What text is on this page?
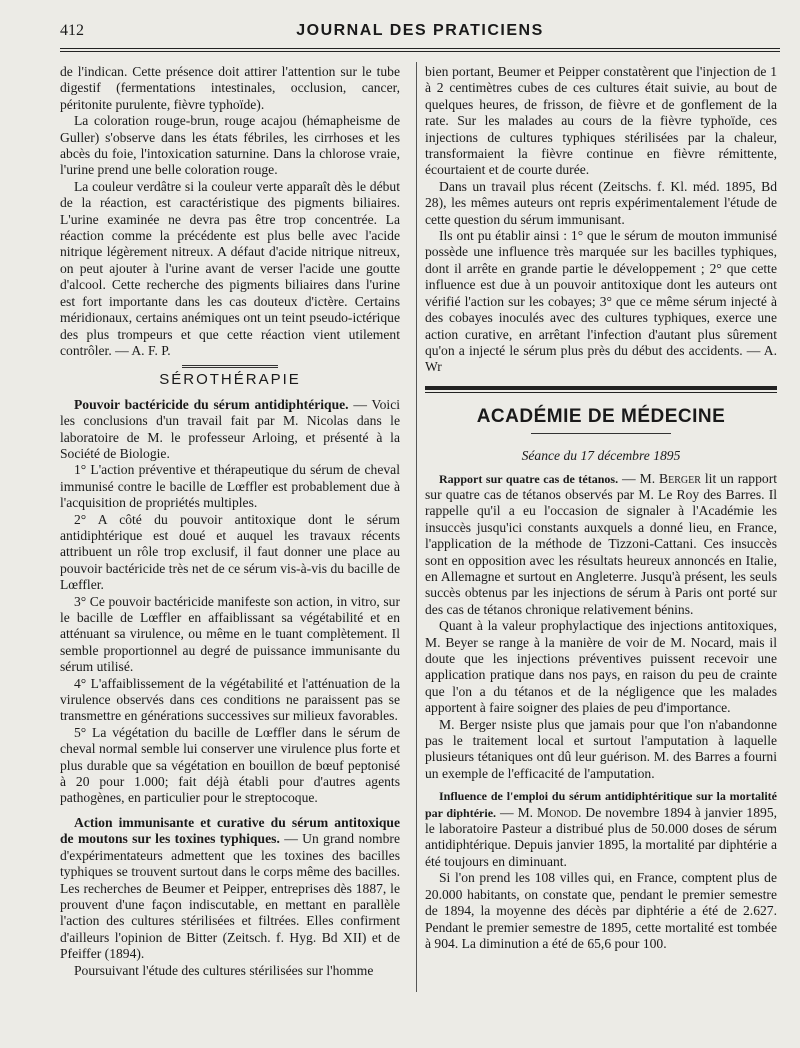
412	JOURNAL DES PRATICIENS

de l'indican. Cette présence doit attirer l'attention sur le tube digestif (fermentations intestinales, occlusion, cancer, péritonite purulente, fièvre typhoïde).

La coloration rouge-brun, rouge acajou (hémapheisme de Guller) s'observe dans les états fébriles, les cirrhoses et les abcès du foie, l'intoxication saturnine. Dans la chlorose vraie, l'urine prend une belle coloration rouge.

La couleur verdâtre si la couleur verte apparaît dès le début de la réaction, est caractéristique des pigments biliaires. L'urine examinée ne devra pas être trop concentrée. La réaction comme la précédente est plus belle avec l'acide nitrique légèrement nitreux. A défaut d'acide nitrique nitreux, on peut ajouter à l'urine avant de verser l'acide une goutte d'alcool. Cette recherche des pigments biliaires dans l'urine est fort importante dans les cas douteux d'ictère. Certains méridionaux, certains anémiques ont un teint pseudo-ictérique des plus trompeurs et que cette réaction vient utilement contrôler. — A. F. P.

SÉROTHÉRAPIE

Pouvoir bactéricide du sérum antidiphtérique. — Voici les conclusions d'un travail fait par M. Nicolas dans le laboratoire de M. le professeur Arloing, et présenté à la Société de Biologie.

1° L'action préventive et thérapeutique du sérum de cheval immunisé contre le bacille de Lœffler est probablement due à l'acquisition de propriétés multiples.

2° A côté du pouvoir antitoxique dont le sérum antidiphtérique est doué et auquel les travaux récents attribuent un rôle trop exclusif, il faut donner une place au pouvoir bactéricide très net de ce sérum vis-à-vis du bacille de Lœffler.

3° Ce pouvoir bactéricide manifeste son action, in vitro, sur le bacille de Lœffler en affaiblissant sa végétabilité et en atténuant sa virulence, ou même en le tuant complètement. Il semble proportionnel au degré de puissance immunisante du sérum utilisé.

4° L'affaiblissement de la végétabilité et l'atténuation de la virulence observés dans ces conditions ne paraissent pas se transmettre en générations successives sur milieux favorables.

5° La végétation du bacille de Lœffler dans le sérum de cheval normal semble lui conserver une virulence plus forte et plus durable que sa végétation en bouillon de bœuf peptonisé à 20 pour 1.000; fait déjà établi pour d'autres agents pathogènes, en particulier pour le streptocoque.

Action immunisante et curative du sérum antitoxique de moutons sur les toxines typhiques. — Un grand nombre d'expérimentateurs admettent que les toxines des bacilles typhiques se trouvent surtout dans le corps même des bacilles. Les recherches de Beumer et Peipper, entreprises dès 1887, le prouvent d'une façon indiscutable, en mettant en parallèle l'action des cultures stérilisées et filtrées. Elles confirment d'ailleurs l'opinion de Bitter (Zeitsch. f. Hyg. Bd XII) et de Pfeiffer (1894).

Poursuivant l'étude des cultures stérilisées sur l'homme

bien portant, Beumer et Peipper constatèrent que l'injection de 1 à 2 centimètres cubes de ces cultures était suivie, au bout de quelques heures, de frisson, de fièvre et de gonflement de la rate. Sur les malades au cours de la fièvre typhoïde, ces injections de cultures typhiques stérilisées par la chaleur, transformaient la fièvre continue en fièvre rémittente, écourtaient et de courte durée.

Dans un travail plus récent (Zeitschs. f. Kl. méd. 1895, Bd 28), les mêmes auteurs ont repris expérimentalement l'étude de cette question du sérum immunisant.

Ils ont pu établir ainsi : 1° que le sérum de mouton immunisé possède une influence très marquée sur les bacilles typhiques, dont il arrête en grande partie le développement ; 2° que cette influence est due à un pouvoir antitoxique dont les auteurs ont vérifié l'action sur les cobayes; 3° que ce même sérum injecté à des cobayes inoculés avec des cultures typhiques, exerce une action curative, en arrêtant l'infection d'autant plus sûrement qu'on a injecté le sérum plus près du début des accidents. — A. Wr

ACADÉMIE DE MÉDECINE
Séance du 17 décembre 1895

Rapport sur quatre cas de tétanos. — M. Berger lit un rapport sur quatre cas de tétanos observés par M. Le Roy des Barres. Il rappelle qu'il a eu l'occasion de signaler à l'Académie les insuccès jusqu'ici constants auxquels a donné lieu, en France, l'application de la méthode de Tizzoni-Cattani. Ces insuccès sont en opposition avec les résultats heureux annoncés en Italie, en Allemagne et surtout en Angleterre. Jusqu'à présent, les seuls succès obtenus par les injections de sérum à Paris ont porté sur des cas de tétanos chronique relativement bénins.

Quant à la valeur prophylactique des injections antitoxiques, M. Beyer se range à la manière de voir de M. Nocard, mais il doute que les injections préventives puissent recevoir une application pratique dans nos pays, en raison du peu de crainte que l'on a du tétanos et de la négligence que les malades apportent à faire soigner des plaies de peu d'importance.

M. Berger nsiste plus que jamais pour que l'on n'abandonne pas le traitement local et surtout l'amputation à laquelle plusieurs tétaniques ont dû leur guérison. M. des Barres a fourni un exemple de l'efficacité de l'amputation.

Influence de l'emploi du sérum antidiphtéritique sur la mortalité par diphtérie. — M. Monod. De novembre 1894 à janvier 1895, le laboratoire Pasteur a distribué plus de 50.000 doses de sérum antidiphtérique. Depuis janvier 1895, la mortalité par diphtérie a été toujours en diminuant.

Si l'on prend les 108 villes qui, en France, comptent plus de 20.000 habitants, on constate que, pendant le premier semestre de 1894, la moyenne des décès par diphtérie a été de 2.627. Pendant le premier semestre de 1895, cette mortalité est tombée à 904. La diminution a été de 65,6 pour 100.
